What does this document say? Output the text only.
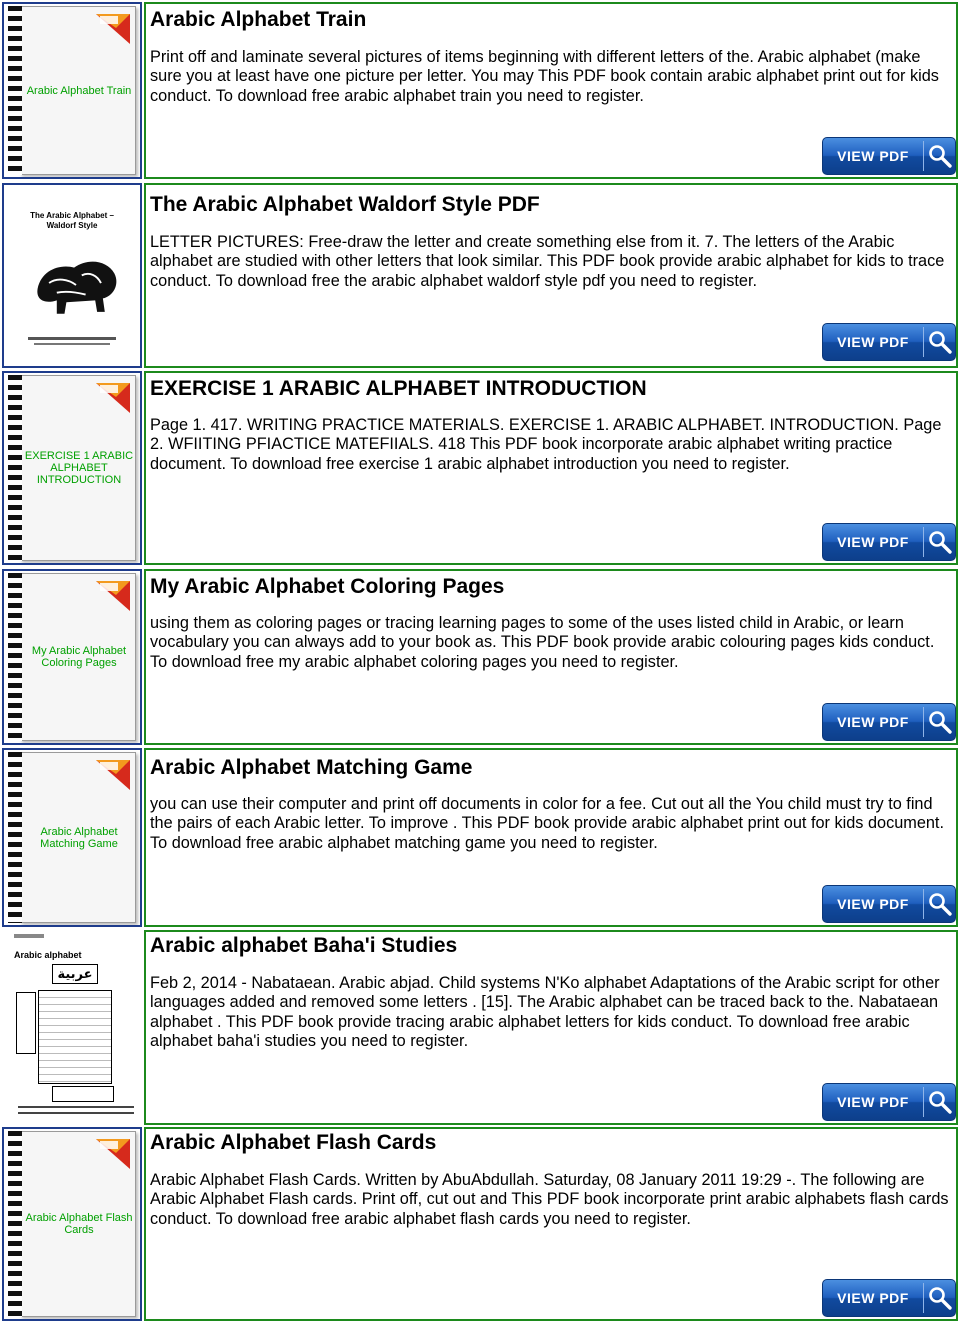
Arabic Alphabet Train
Arabic Alphabet Train

Print off and laminate several pictures of items beginning with different letters of the. Arabic alphabet (make sure you at least have one picture per letter. You may This PDF book contain arabic alphabet print out for kids conduct. To download free arabic alphabet train you need to register.

VIEW PDF
The Arabic Alphabet – Waldorf Style
The Arabic Alphabet Waldorf Style PDF

LETTER PICTURES: Free-draw the letter and create something else from it. 7. The letters of the Arabic alphabet are studied with other letters that look similar. This PDF book provide arabic alphabet for kids to trace conduct. To download free the arabic alphabet waldorf style pdf you need to register.

VIEW PDF
EXERCISE 1 ARABIC ALPHABET INTRODUCTION
EXERCISE 1 ARABIC ALPHABET INTRODUCTION

Page 1. 417. WRITING PRACTICE MATERIALS. EXERCISE 1. ARABIC ALPHABET. INTRODUCTION. Page 2. WFIITING PFIACTICE MATEFIIALS. 418 This PDF book incorporate arabic alphabet writing practice document. To download free exercise 1 arabic alphabet introduction you need to register.

VIEW PDF
My Arabic Alphabet Coloring Pages
My Arabic Alphabet Coloring Pages

using them as coloring pages or tracing learning pages to some of the uses listed child in Arabic, or learn vocabulary you can always add to your book as. This PDF book provide arabic colouring pages kids conduct. To download free my arabic alphabet coloring pages you need to register.

VIEW PDF
Arabic Alphabet Matching Game
Arabic Alphabet Matching Game

you can use their computer and print off documents in color for a fee. Cut out all the You child must try to find the pairs of each Arabic letter. To improve . This PDF book provide arabic alphabet print out for kids document. To download free arabic alphabet matching game you need to register.

VIEW PDF
Arabic alphabet
ﻋﺮﺑﻴﺔ
Arabic alphabet Baha'i Studies

Feb 2, 2014 - Nabataean. Arabic abjad. Child systems N'Ko alphabet Adaptations of the Arabic script for other languages added and removed some letters . [15]. The Arabic alphabet can be traced back to the. Nabataean alphabet . This PDF book provide tracing arabic alphabet letters for kids conduct. To download free arabic alphabet baha'i studies you need to register.

VIEW PDF
Arabic Alphabet Flash Cards
Arabic Alphabet Flash Cards

Arabic Alphabet Flash Cards. Written by AbuAbdullah. Saturday, 08 January 2011 19:29 -. The following are Arabic Alphabet Flash cards. Print off, cut out and This PDF book incorporate print arabic alphabets flash cards conduct. To download free arabic alphabet flash cards you need to register.

VIEW PDF
